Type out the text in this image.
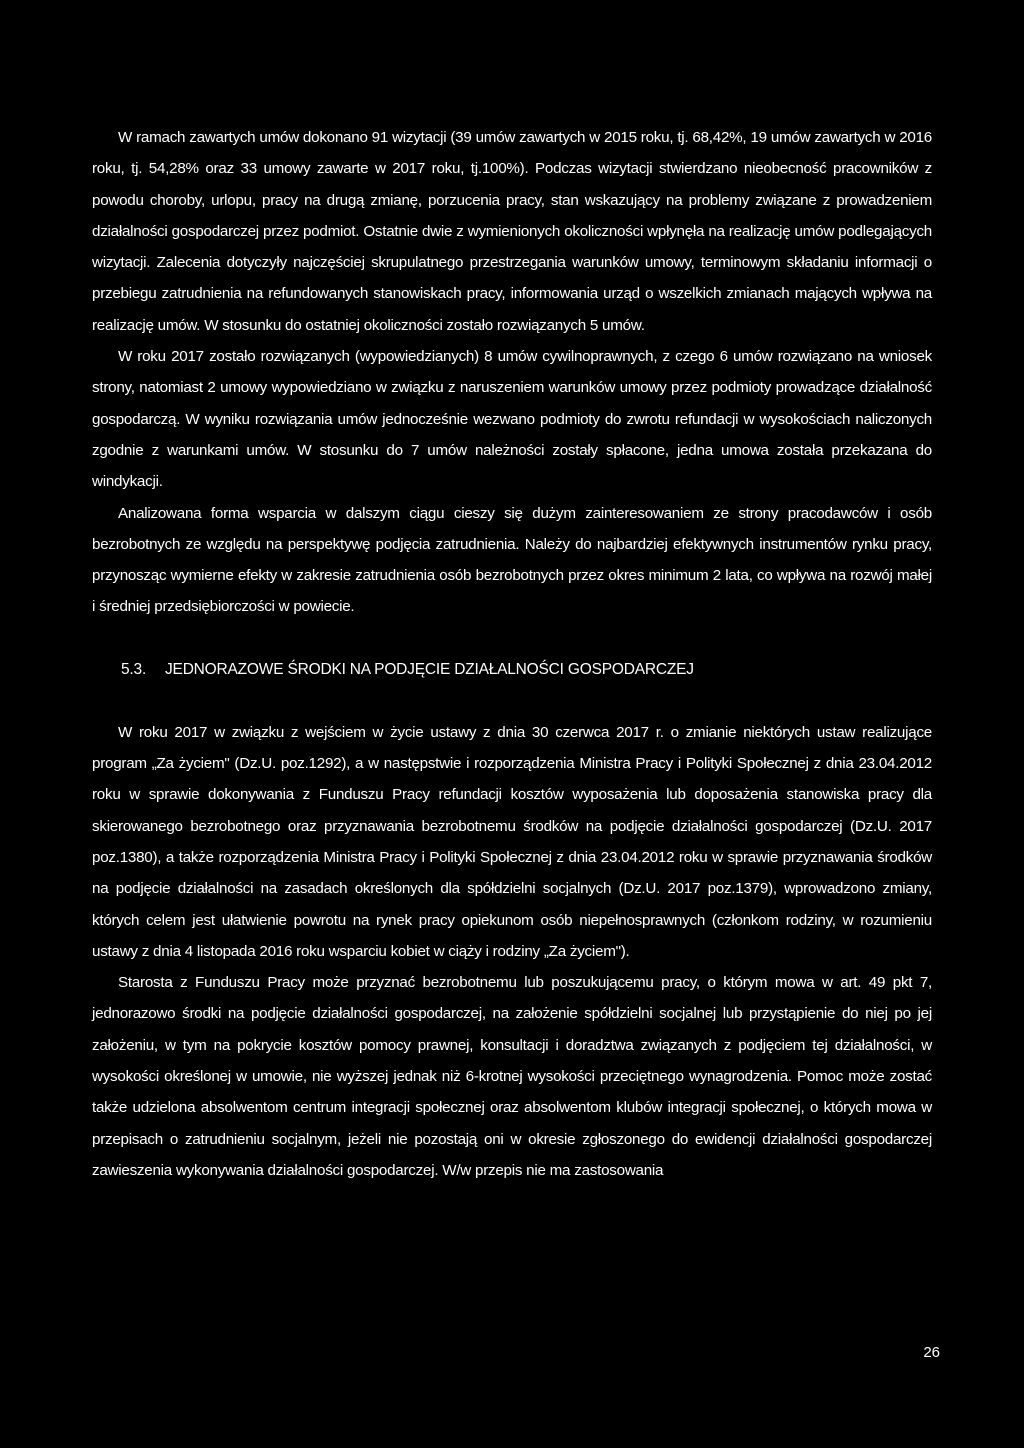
W ramach zawartych umów dokonano 91 wizytacji (39 umów zawartych w 2015 roku, tj. 68,42%, 19 umów zawartych w 2016 roku, tj. 54,28% oraz 33 umowy zawarte w 2017 roku, tj.100%). Podczas wizytacji stwierdzano nieobecność pracowników z powodu choroby, urlopu, pracy na drugą zmianę, porzucenia pracy, stan wskazujący na problemy związane z prowadzeniem działalności gospodarczej przez podmiot. Ostatnie dwie z wymienionych okoliczności wpłynęła na realizację umów podlegających wizytacji. Zalecenia dotyczyły najczęściej skrupulatnego przestrzegania warunków umowy, terminowym składaniu informacji o przebiegu zatrudnienia na refundowanych stanowiskach pracy, informowania urząd o wszelkich zmianach mających wpływa na realizację umów. W stosunku do ostatniej okoliczności zostało rozwiązanych 5 umów.

W roku 2017 zostało rozwiązanych (wypowiedzianych) 8 umów cywilnoprawnych, z czego 6 umów rozwiązano na wniosek strony, natomiast 2 umowy wypowiedziano w związku z naruszeniem warunków umowy przez podmioty prowadzące działalność gospodarczą. W wyniku rozwiązania umów jednocześnie wezwano podmioty do zwrotu refundacji w wysokościach naliczonych zgodnie z warunkami umów. W stosunku do 7 umów należności zostały spłacone, jedna umowa została przekazana do windykacji.

Analizowana forma wsparcia w dalszym ciągu cieszy się dużym zainteresowaniem ze strony pracodawców i osób bezrobotnych ze względu na perspektywę podjęcia zatrudnienia. Należy do najbardziej efektywnych instrumentów rynku pracy, przynosząc wymierne efekty w zakresie zatrudnienia osób bezrobotnych przez okres minimum 2 lata, co wpływa na rozwój małej i średniej przedsiębiorczości w powiecie.

5.3. JEDNORAZOWE ŚRODKI NA PODJĘCIE DZIAŁALNOŚCI GOSPODARCZEJ

W roku 2017 w związku z wejściem w życie ustawy z dnia 30 czerwca 2017 r. o zmianie niektórych ustaw realizujące program „Za życiem" (Dz.U. poz.1292), a w następstwie i rozporządzenia Ministra Pracy i Polityki Społecznej z dnia 23.04.2012 roku w sprawie dokonywania z Funduszu Pracy refundacji kosztów wyposażenia lub doposażenia stanowiska pracy dla skierowanego bezrobotnego oraz przyznawania bezrobotnemu środków na podjęcie działalności gospodarczej (Dz.U. 2017 poz.1380), a także rozporządzenia Ministra Pracy i Polityki Społecznej z dnia 23.04.2012 roku w sprawie przyznawania środków na podjęcie działalności na zasadach określonych dla spółdzielni socjalnych (Dz.U. 2017 poz.1379), wprowadzono zmiany, których celem jest ułatwienie powrotu na rynek pracy opiekunom osób niepełnosprawnych (członkom rodziny, w rozumieniu ustawy z dnia 4 listopada 2016 roku wsparciu kobiet w ciąży i rodziny „Za życiem").

Starosta z Funduszu Pracy może przyznać bezrobotnemu lub poszukującemu pracy, o którym mowa w art. 49 pkt 7, jednorazowo środki na podjęcie działalności gospodarczej, na założenie spółdzielni socjalnej lub przystąpienie do niej po jej założeniu, w tym na pokrycie kosztów pomocy prawnej, konsultacji i doradztwa związanych z podjęciem tej działalności, w wysokości określonej w umowie, nie wyższej jednak niż 6-krotnej wysokości przeciętnego wynagrodzenia. Pomoc może zostać także udzielona absolwentom centrum integracji społecznej oraz absolwentom klubów integracji społecznej, o których mowa w przepisach o zatrudnieniu socjalnym, jeżeli nie pozostają oni w okresie zgłoszonego do ewidencji działalności gospodarczej zawieszenia wykonywania działalności gospodarczej. W/w przepis nie ma zastosowania

26
